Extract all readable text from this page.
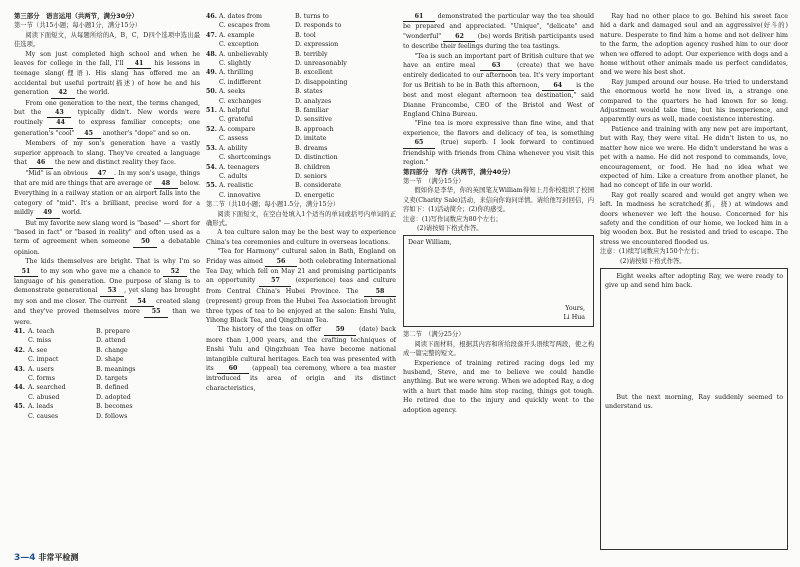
第三部分　语言运用（共两节，满分30分）
第一节（共15小题；每小题1分，满分15分）

阅读下面短文，从每题所给的A，B，C，D四个选项中选出最佳选项。

My son just completed high school and when he leaves for college in the fall, I'll 41 his lessons in teenage slang(俚语). His slang has offered me an accidental but useful portrait(描述) of how he and his generation 42 the world.

From one generation to the next, the terms changed, but the 43 typically didn't. New words were routinely 44 to express familiar concepts; one generation's "cool" 45 another's "dope" and so on.

Members of my son's generation have a vastly superior approach to slang. They've created a language that 46 the new and distinct reality they face.

"Mid" is an obvious 47 . In my son's usage, things that are mid are things that are average or 48 below. Everything in a railway station or an airport falls into the category of "mid". It's a brilliant, precise word for a mildly 49 world.

But my favorite new slang word is "based" — short for "based in fact" or "based in reality" and often used as a term of agreement when someone 50 a debatable opinion.

The kids themselves are bright. That is why I'm so 51 to my son who gave me a chance to 52 the language of his generation. One purpose of slang is to demonstrate generational 53 , yet slang has brought my son and me closer. The current 54 created slang and they've proved themselves more 55 than we were.

41. A. teach	B. prepare
C. miss	D. attend
42. A. see	B. change
C. impact	D. shape
43. A. users	B. meanings
C. forms	D. targets
44. A. searched	B. defined
C. abused	D. adopted
45. A. leads	B. becomes
C. causes	D. follows
46. A. dates from	B. turns to
C. escapes from	D. responds to
47. A. example	B. tool
C. exception	D. expression
48. A. unbelievably	B. terribly
C. slightly	D. unreasonably
49. A. thrilling	B. excellent
C. indifferent	D. disappointing
50. A. seeks	B. states
C. exchanges	D. analyzes
51. A. helpful	B. familiar
C. grateful	D. sensitive
52. A. compare	B. approach
C. assess	D. imitate
53. A. ability	B. dreams
C. shortcomings	D. distinction
54. A. teenagers	B. children
C. adults	D. seniors
55. A. realistic	B. considerate
C. innovative	D. energetic
第二节（共10小题；每小题1.5分，满分15分）

阅读下面短文，在空白处填入1个适当的单词或括号内单词的正确形式。

A tea culture salon may be the best way to experience China's tea ceremonies and culture in overseas locations.

"Tea for Harmony" cultural salon in Bath, England on Friday was aimed 56 both celebrating International Tea Day, which fell on May 21 and promising participants an opportunity 57 (experience) teas and culture from Central China's Hubei Province. The 58 (represent) group from the Hubei Tea Association brought three types of tea to be enjoyed at the salon: Enshi Yulu, Yihong Black Tea, and Qingzhuan Tea.

The history of the teas on offer 59 (date) back more than 1,000 years, and the crafting techniques of Enshi Yulu and Qingzhuan Tea have become national intangible cultural heritages. Each tea was presented with its 60 (appeal) tea ceremony, where a tea master introduced its area of origin and its distinct characteristics,

61 demonstrated the particular way the tea should be prepared and appreciated. "Unique", "delicate" and "wonderful" 62 (be) words British participants used to describe their feelings during the tea tastings.

"Tea is such an important part of British culture that we have an entire meal 63 (create) that we have entirely dedicated to our afternoon tea. It's very important for us British to be in Bath this afternoon, 64 is the best and most elegant afternoon tea destination," said Dianne Francombe, CEO of the Bristol and West of England China Bureau.

"Fine tea is more expressive than fine wine, and that experience, the flavors and delicacy of tea, is something 65 (true) superb. I look forward to continued friendship with friends from China whenever you visit this region."

第四部分　写作（共两节，满分40分）
第一节　（满分15分）

假如你是李华，你的英国笔友William得知上月你校组织了校园义卖(Charity Sale)活动，来信向你询问详情。请给他写封回信，内容如下：(1)活动简介；(2)你的感受。

注意：(1)写作词数应为80个左右；
(2)请按如下格式作答。
Dear William,
Yours,
Li Hua
第二节　（满分25分）

阅读下面材料，根据其内容和所给段落开头语续写两段，使之构成一篇完整的短文。

Experience of training retired racing dogs led my husband, Steve, and me to believe we could handle anything. But we were wrong. When we adopted Ray, a dog with a hurt that made him stop racing, things got tough. He retired due to the injury and quickly went to the adoption agency.

Ray had no other place to go. Behind his sweet face hid a dark and damaged soul and an aggressive(好斗的) nature. Desperate to find him a home and not deliver him to the farm, the adoption agency rushed him to our door when we offered to adopt. Our experience with dogs and a home without other animals made us perfect candidates, and we were his best shot.

Ray jumped around our house. He tried to understand the enormous world he now lived in, a strange one compared to the quarters he had known for so long. Adjustment would take time, but his inexperience, and apparently ours as well, made coexistence interesting.

Patience and training with any new pet are important, but with Ray, they were vital. He didn't listen to us, no matter how nice we were. He didn't understand he was a pet with a name. He did not respond to commands, love, encouragement, or food. He had no idea what we expected of him. Like a creature from another planet, he had no concept of life in our world.

Ray got really scared and would get angry when we left. In madness he scratched(抓，挠) at windows and doors whenever we left the house. Concerned for his safety and the condition of our home, we locked him in a big wooden box. But he resisted and tried to escape. The stress we encountered flooded us.

注意：(1)续写词数应为150个左右；
(2)请按如下格式作答。

Eight weeks after adopting Ray, we were ready to give up and send him back.

But the next morning, Ray suddenly seemed to understand us.

3—4 非常平检测
